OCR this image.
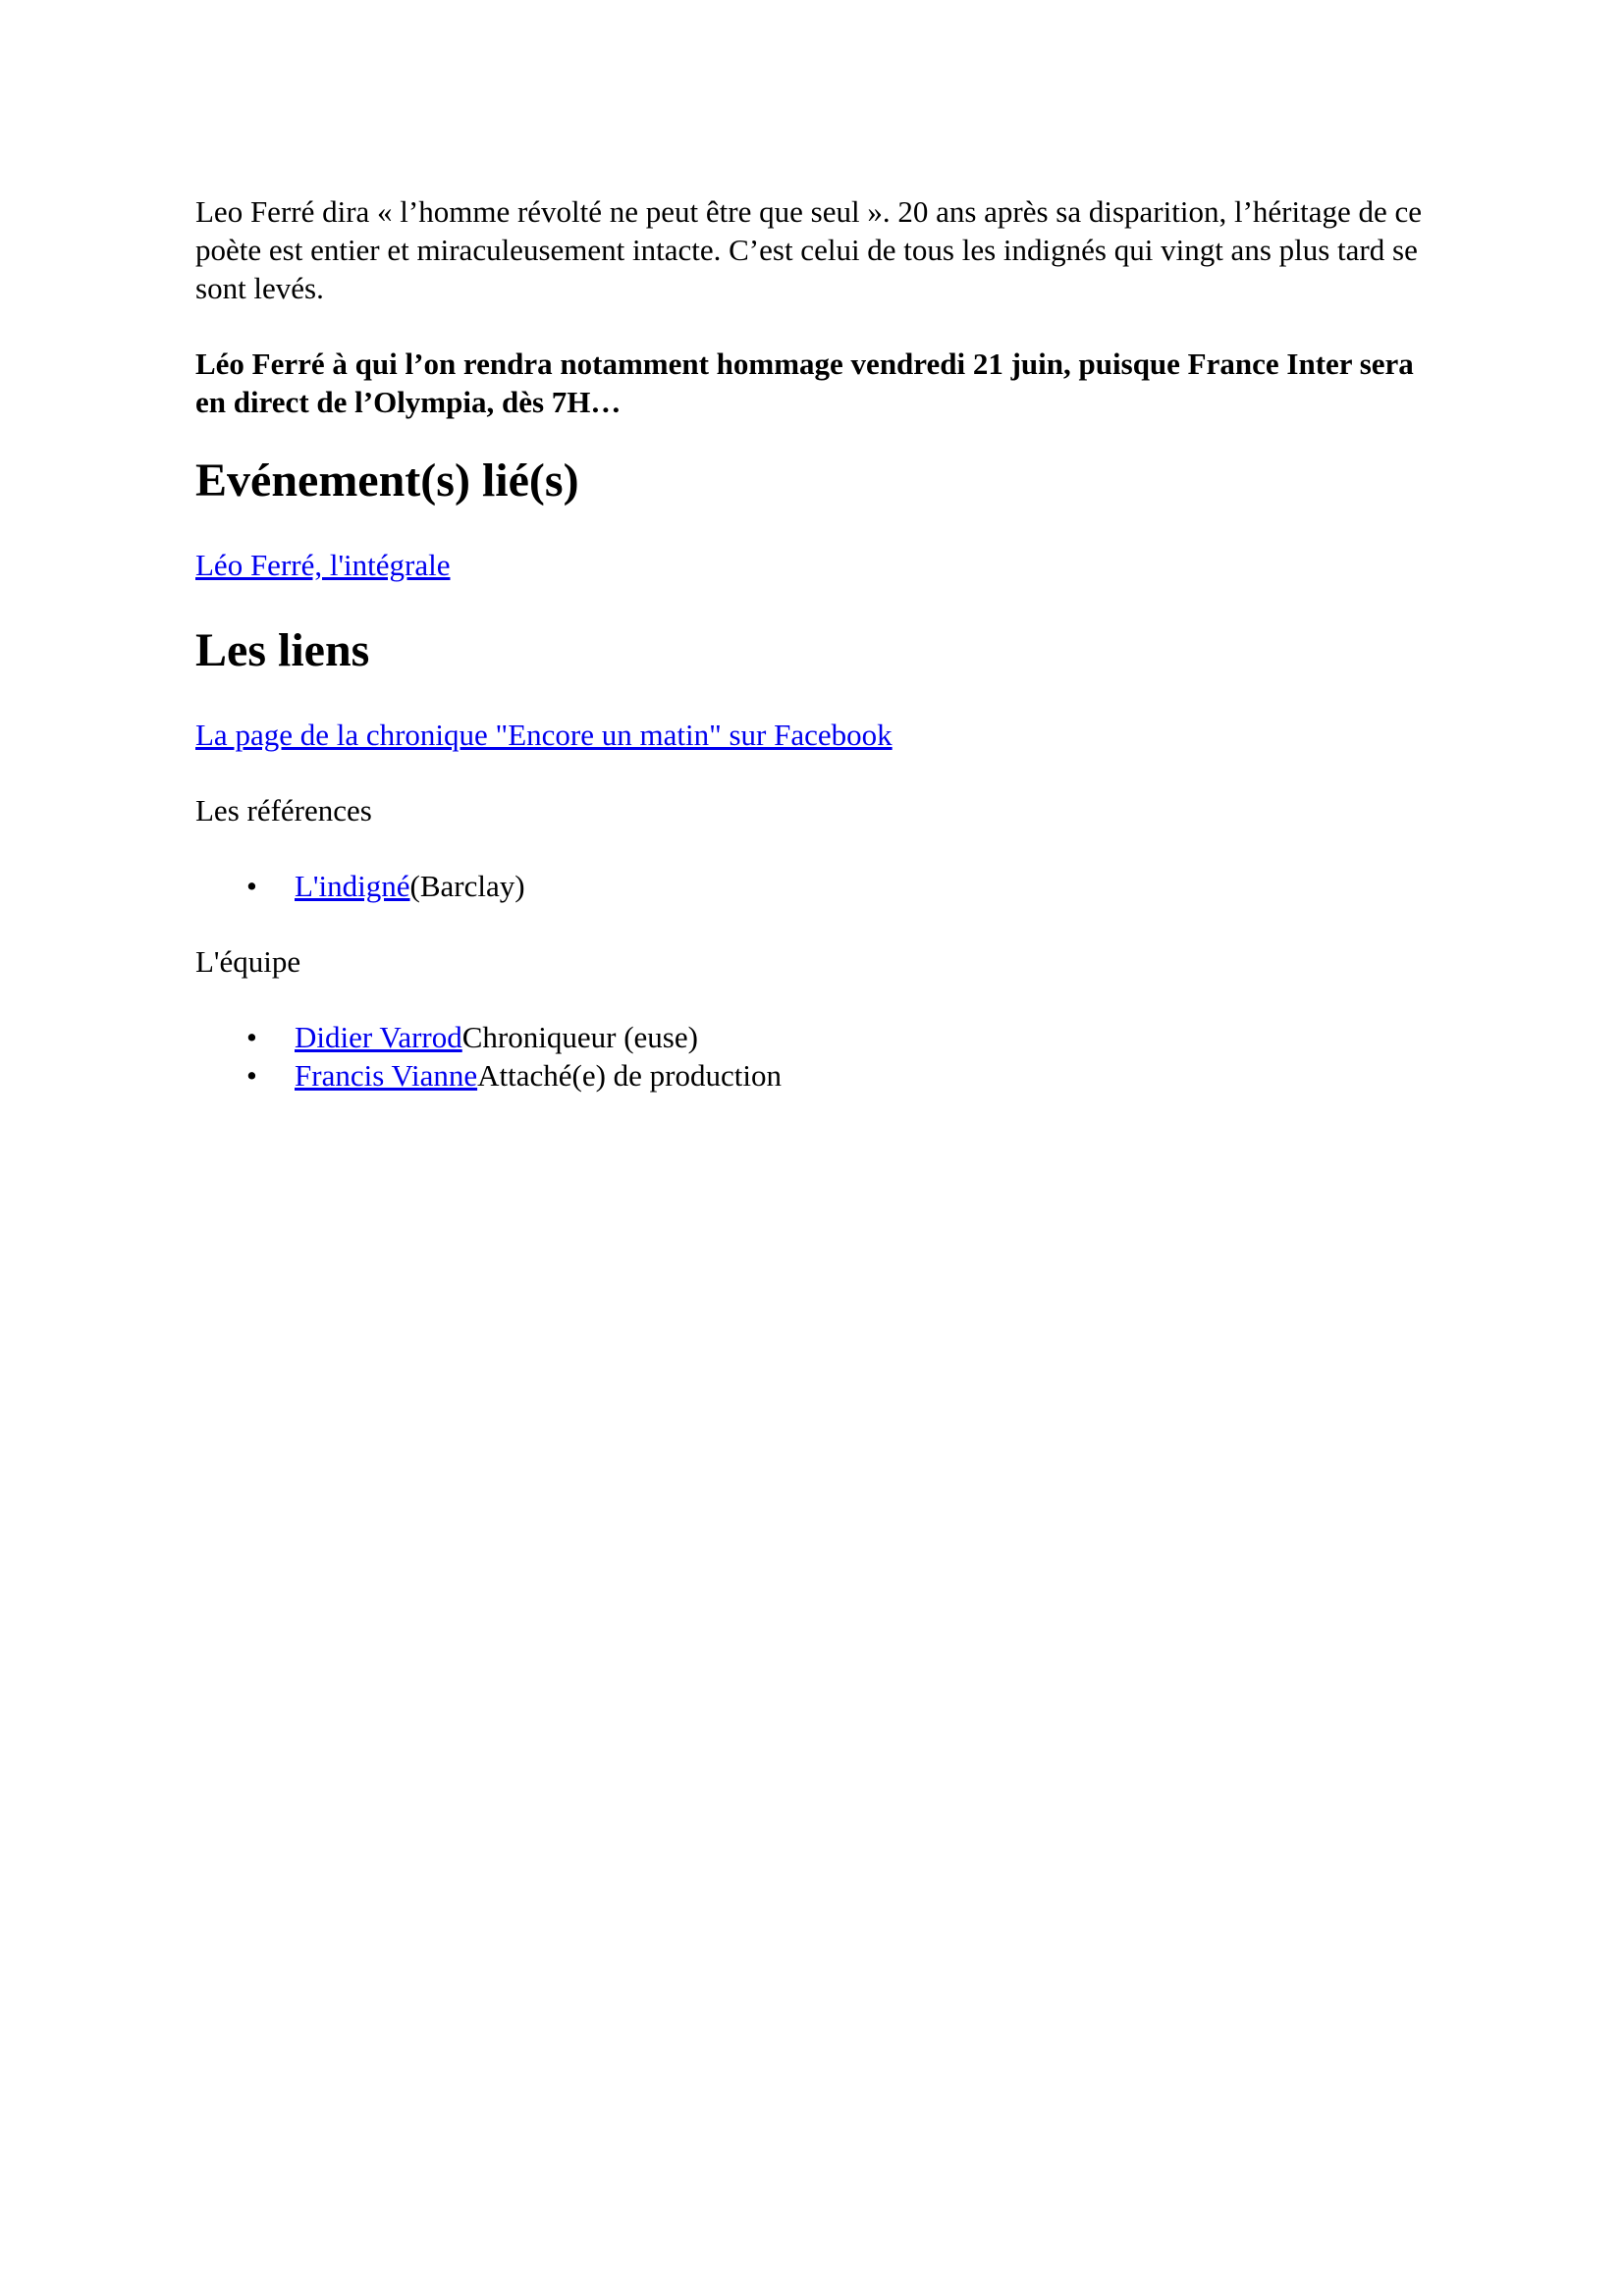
Leo Ferré dira « l’homme révolté ne peut être que seul ». 20 ans après sa disparition, l’héritage de ce poète est entier et miraculeusement intacte. C’est celui de tous les indignés qui vingt ans plus tard se sont levés.

Léo Ferré à qui l’on rendra notamment hommage vendredi 21 juin, puisque France Inter sera en direct de l’Olympia, dès 7H…

Evénement(s) lié(s)

Léo Ferré, l'intégrale

Les liens

La page de la chronique "Encore un matin" sur Facebook

Les références

• L'indigné(Barclay)

L'équipe

• Didier VarrodChroniqueur (euse)
• Francis VianneAttaché(e) de production
